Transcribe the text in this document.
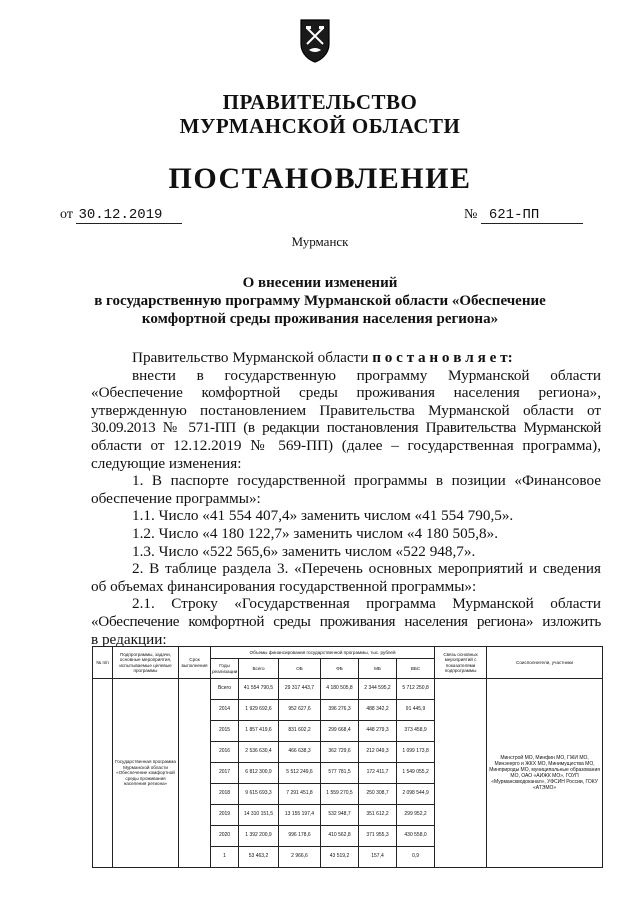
ПРАВИТЕЛЬСТВО
МУРМАНСКОЙ ОБЛАСТИ
ПОСТАНОВЛЕНИЕ
от 30.12.2019	№ 621-ПП
Мурманск
О внесении изменений
в государственную программу Мурманской области «Обеспечение
комфортной среды проживания населения региона»
Правительство Мурманской области п о с т а н о в л я е т:
внести в государственную программу Мурманской области
«Обеспечение комфортной среды проживания населения региона»,
утвержденную постановлением Правительства Мурманской области от
30.09.2013 № 571-ПП (в редакции постановления Правительства Мурманской
области от 12.12.2019 № 569-ПП) (далее – государственная программа),
следующие изменения:
1. В паспорте государственной программы в позиции «Финансовое
обеспечение программы»:
1.1. Число «41 554 407,4» заменить числом «41 554 790,5».
1.2. Число «4 180 122,7» заменить числом «4 180 505,8».
1.3. Число «522 565,6» заменить числом «522 948,7».
2. В таблице раздела 3. «Перечень основных мероприятий и сведения
об объемах финансирования государственной программы»:
2.1. Строку «Государственная программа Мурманской области
«Обеспечение комфортной среды проживания населения региона» изложить
в редакции:
№ п/п	Подпрограммы, задачи, основные мероприятия, испытываемые целевые программы	Срок выполнения	Объемы финансирования государственной программы, тыс. рублей						Связь основных мероприятий с показателями подпрограммы	Соисполнители, участники
			Годы реализации	Всего	ОБ	ФБ	МБ	ВБС		
	Государственная программа Мурманской области «Обеспечение комфортной среды проживания населения региона»		Всего	41 554 790,5	29 317 443,7	4 180 505,8	2 344 595,2	5 712 250,8		Минстрой МО, Минфин МО, ГЖИ МО, Минэнерго и ЖКХ МО, Минимущества МО, Минприроды МО, муниципальные образования МО, ОАО «АИЖК МО», ГОУП «Мурманскводоканал», УФСИН России, ГОКУ «АТЭМО»
			2014	1 929 692,6	952 627,6	396 276,3	488 342,2	91 445,9		
			2015	1 857 419,6	831 602,2	299 668,4	448 279,3	373 458,9		
			2016	2 536 630,4	466 638,3	362 729,6	212 049,3	1 099 173,8		
			2017	6 812 300,9	5 512 249,6	577 781,5	172 411,7	1 549 055,2		
			2018	9 615 693,3	7 291 451,8	1 559 270,5	250 308,7	2 098 544,9		
			2019	14 310 151,5	13 155 197,4	532 948,7	351 612,2	299 952,2		
			2020	1 392 200,9	996 178,6	410 562,8	371 955,3	430 558,0		
			1	53 463,2	2 966,6	43 519,2	157,4	0,9		
